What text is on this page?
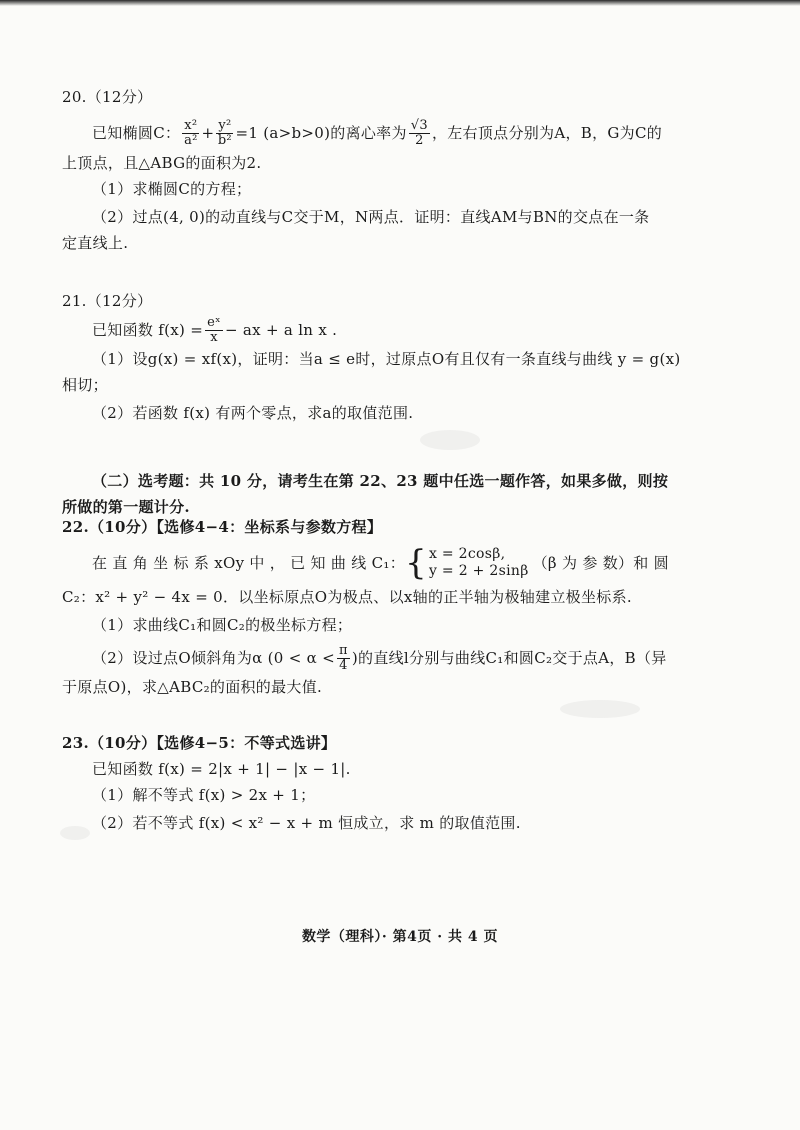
20.（12分）
已知椭圆C： $\frac{\text{x²}}{\text{a²}} + \frac{\text{y²}}{\text{b²}} =1$ (a>b>0)的离心率为 $\frac{√3}{2}$ ，左右顶点分别为A，B，G为C的
上顶点，且△ABG的面积为2.
（1）求椭圆C的方程；
（2）过点(4, 0)的动直线与C交于M，N两点．证明：直线AM与BN的交点在一条
定直线上.
21.（12分）
已知函数 $f(x) = \frac{\text{eˣ}}{x}$ − ax + a ln x .
（1）设g(x) = xf(x)，证明：当a ≤ e时，过原点O有且仅有一条直线与曲线 y = g(x)
相切；
（2）若函数 f(x) 有两个零点，求a的取值范围.
（二）选考题：共 10 分，请考生在第 22、23 题中任选一题作答，如果多做，则按
所做的第一题计分.
22.（10分）【选修4−4：坐标系与参数方程】
在 直 角 坐 标 系 xOy 中 ， 已 知 曲 线 C₁： { x = 2cosβ,
y = 2 + 2sinβ （β 为 参 数）和 圆
C₂：x² + y² − 4x = 0．以坐标原点O为极点、以x轴的正半轴为极轴建立极坐标系.
（1）求曲线C₁和圆C₂的极坐标方程；
（2）设过点O倾斜角为α ($0 < \alpha < \frac{\pi}{4}$ )的直线l分别与曲线C₁和圆C₂交于点A，B（异
于原点O)，求△ABC₂的面积的最大值.
23.（10分）【选修4−5：不等式选讲】
已知函数 f(x) = 2|x + 1| − |x − 1|.
（1）解不等式 f(x) > 2x + 1；
（2）若不等式 f(x) < x² − x + m 恒成立，求 m 的取值范围.
数学（理科）· 第4页 · 共 4 页
